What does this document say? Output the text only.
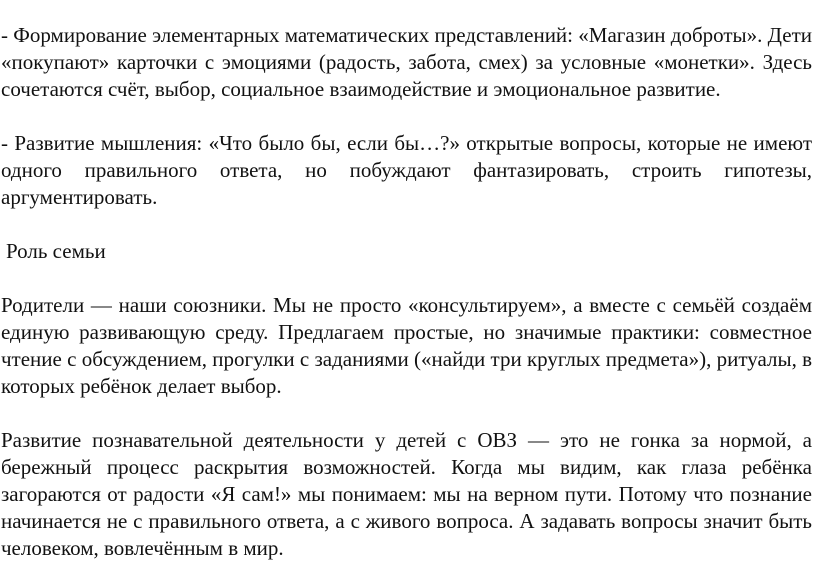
- Формирование элементарных математических представлений: «Магазин доброты». Дети «покупают» карточки с эмоциями (радость, забота, смех) за условные «монетки». Здесь сочетаются счёт, выбор, социальное взаимодействие и эмоциональное развитие.

- Развитие мышления: «Что было бы, если бы…?» открытые вопросы, которые не имеют одного правильного ответа, но побуждают фантазировать, строить гипотезы, аргументировать.

Роль семьи

Родители — наши союзники. Мы не просто «консультируем», а вместе с семьёй создаём единую развивающую среду. Предлагаем простые, но значимые практики: совместное чтение с обсуждением, прогулки с заданиями («найди три круглых предмета»), ритуалы, в которых ребёнок делает выбор.

Развитие познавательной деятельности у детей с ОВЗ — это не гонка за нормой, а бережный процесс раскрытия возможностей. Когда мы видим, как глаза ребёнка загораются от радости «Я сам!» мы понимаем: мы на верном пути. Потому что познание начинается не с правильного ответа, а с живого вопроса. А задавать вопросы значит быть человеком, вовлечённым в мир.
